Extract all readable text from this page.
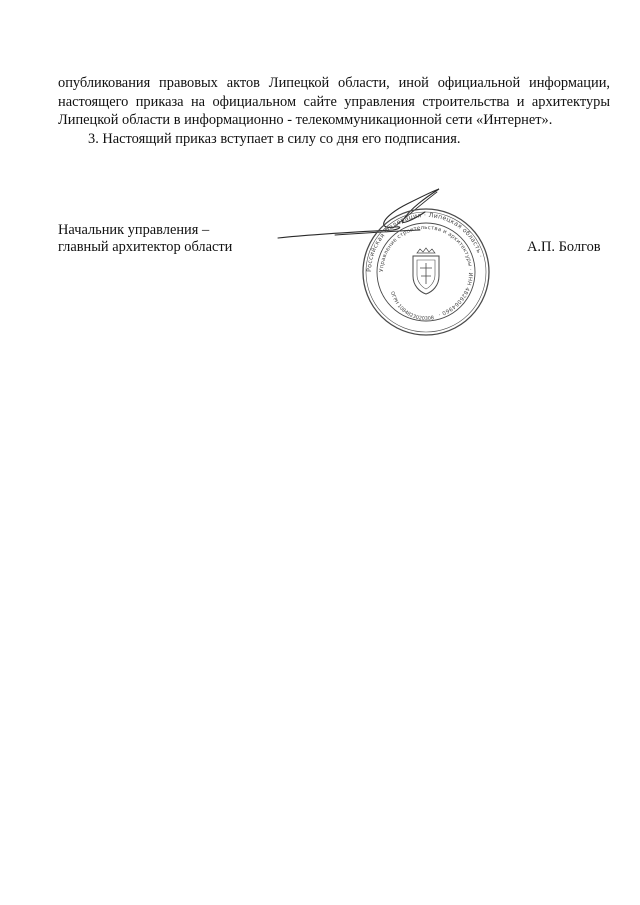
опубликования правовых актов Липецкой области, иной официальной информации, настоящего приказа на официальном сайте управления строительства и архитектуры Липецкой области в информационно - телекоммуникационной сети «Интернет».

3. Настоящий приказ вступает в силу со дня его подписания.

Начальник управления –
главный архитектор области
Российская Федерация · Липецкая область ·
Управление строительства и архитектуры · ИНН 4826064960 ·
ОГРН 1084823020308
А.П. Болгов
